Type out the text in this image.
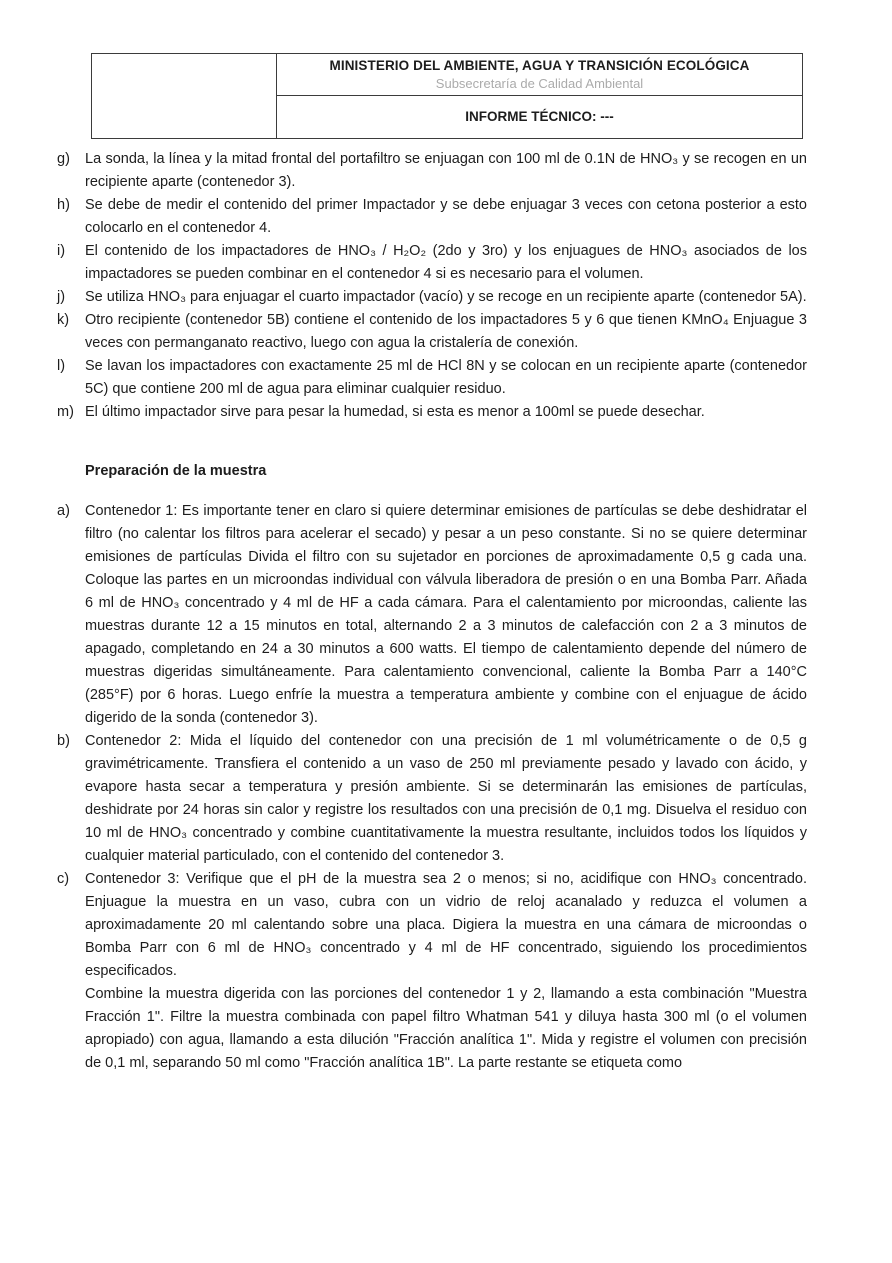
MINISTERIO DEL AMBIENTE, AGUA Y TRANSICIÓN ECOLÓGICA
Subsecretaría de Calidad Ambiental

INFORME TÉCNICO: ---
g)	La sonda, la línea y la mitad frontal del portafiltro se enjuagan con 100 ml de 0.1N de HNO₃ y se recogen en un recipiente aparte (contenedor 3).
h)	Se debe de medir el contenido del primer Impactador y se debe enjuagar 3 veces con cetona posterior a esto colocarlo en el contenedor 4.
i)	El contenido de los impactadores de HNO₃ / H₂O₂ (2do y 3ro) y los enjuagues de HNO₃ asociados de los impactadores se pueden combinar en el contenedor 4 si es necesario para el volumen.
j)	Se utiliza HNO₃ para enjuagar el cuarto impactador (vacío) y se recoge en un recipiente aparte (contenedor 5A).
k)	Otro recipiente (contenedor 5B) contiene el contenido de los impactadores 5 y 6 que tienen KMnO₄ Enjuague 3 veces con permanganato reactivo, luego con agua la cristalería de conexión.
l)	Se lavan los impactadores con exactamente 25 ml de HCl 8N y se colocan en un recipiente aparte (contenedor 5C) que contiene 200 ml de agua para eliminar cualquier residuo.
m) El último impactador sirve para pesar la humedad, si esta es menor a 100ml se puede desechar.
Preparación de la muestra
a)	Contenedor 1: Es importante tener en claro si quiere determinar emisiones de partículas se debe deshidratar el filtro (no calentar los filtros para acelerar el secado) y pesar a un peso constante. Si no se quiere determinar emisiones de partículas Divida el filtro con su sujetador en porciones de aproximadamente 0,5 g cada una. Coloque las partes en un microondas individual con válvula liberadora de presión o en una Bomba Parr. Añada 6 ml de HNO₃ concentrado y 4 ml de HF a cada cámara. Para el calentamiento por microondas, caliente las muestras durante 12 a 15 minutos en total, alternando 2 a 3 minutos de calefacción con 2 a 3 minutos de apagado, completando en 24 a 30 minutos a 600 watts. El tiempo de calentamiento depende del número de muestras digeridas simultáneamente. Para calentamiento convencional, caliente la Bomba Parr a 140°C (285°F) por 6 horas. Luego enfríe la muestra a temperatura ambiente y combine con el enjuague de ácido digerido de la sonda (contenedor 3).

b)	Contenedor 2: Mida el líquido del contenedor con una precisión de 1 ml volumétricamente o de 0,5 g gravimétricamente. Transfiera el contenido a un vaso de 250 ml previamente pesado y lavado con ácido, y evapore hasta secar a temperatura y presión ambiente. Si se determinarán las emisiones de partículas, deshidrate por 24 horas sin calor y registre los resultados con una precisión de 0,1 mg. Disuelva el residuo con 10 ml de HNO₃ concentrado y combine cuantitativamente la muestra resultante, incluidos todos los líquidos y cualquier material particulado, con el contenido del contenedor 3.

c)	Contenedor 3: Verifique que el pH de la muestra sea 2 o menos; si no, acidifique con HNO₃ concentrado. Enjuague la muestra en un vaso, cubra con un vidrio de reloj acanalado y reduzca el volumen a aproximadamente 20 ml calentando sobre una placa. Digiera la muestra en una cámara de microondas o Bomba Parr con 6 ml de HNO₃ concentrado y 4 ml de HF concentrado, siguiendo los procedimientos especificados.

Combine la muestra digerida con las porciones del contenedor 1 y 2, llamando a esta combinación "Muestra Fracción 1". Filtre la muestra combinada con papel filtro Whatman 541 y diluya hasta 300 ml (o el volumen apropiado) con agua, llamando a esta dilución "Fracción analítica 1". Mida y registre el volumen con precisión de 0,1 ml, separando 50 ml como "Fracción analítica 1B". La parte restante se etiqueta como
